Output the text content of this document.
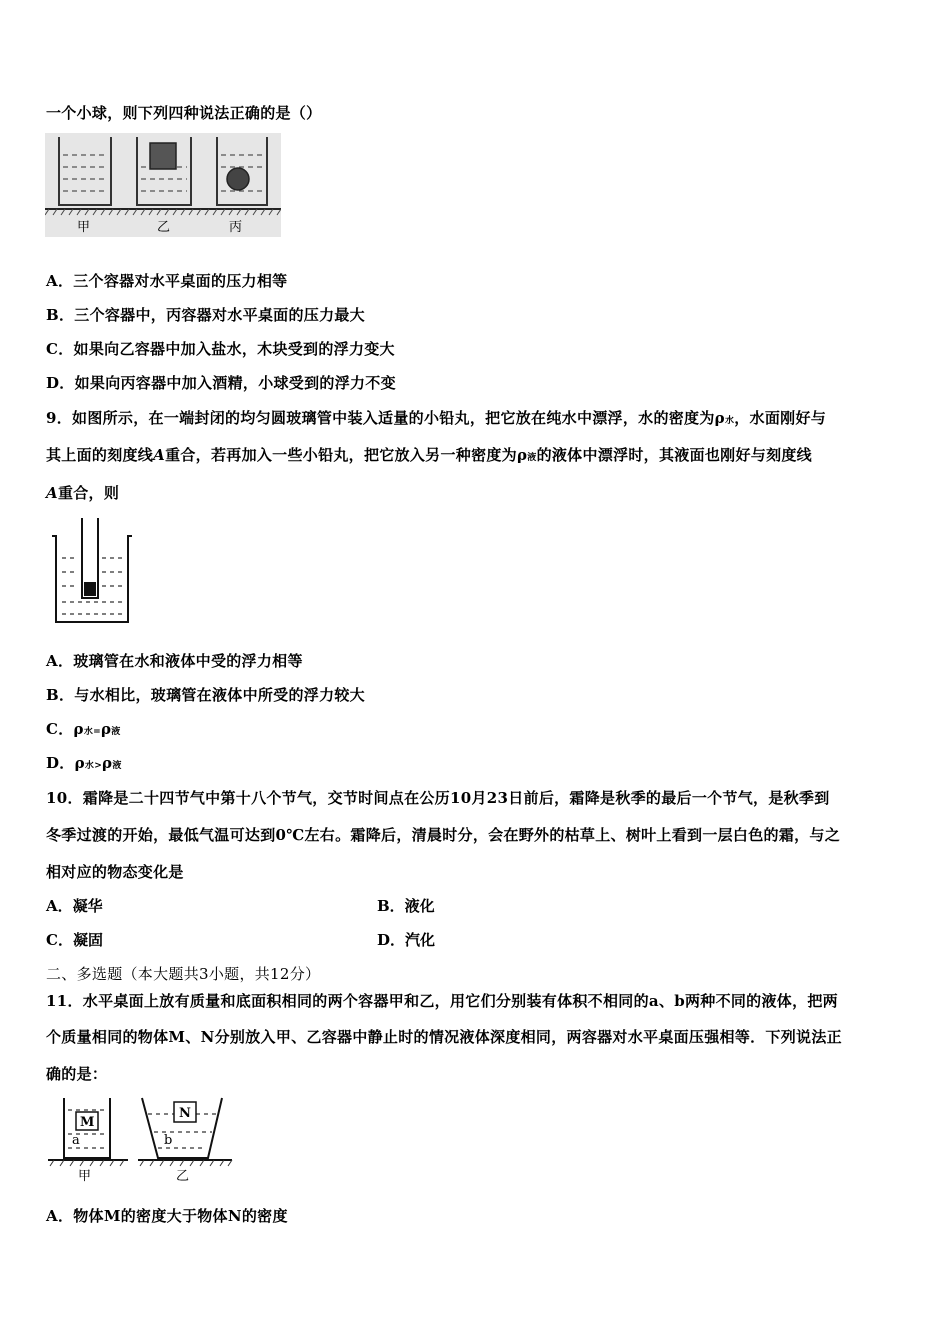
一个小球，则下列四种说法正确的是（）
甲	乙	丙
A．三个容器对水平桌面的压力相等
B．三个容器中，丙容器对水平桌面的压力最大
C．如果向乙容器中加入盐水，木块受到的浮力变大
D．如果向丙容器中加入酒精，小球受到的浮力不变
9．如图所示，在一端封闭的均匀圆玻璃管中装入适量的小铅丸，把它放在纯水中漂浮，水的密度为ρ水，水面刚好与
其上面的刻度线A重合，若再加入一些小铅丸，把它放入另一种密度为ρ液的液体中漂浮时，其液面也刚好与刻度线
A重合，则
A．玻璃管在水和液体中受的浮力相等
B．与水相比，玻璃管在液体中所受的浮力较大
C．ρ水=ρ液
D．ρ水>ρ液
10．霜降是二十四节气中第十八个节气，交节时间点在公历10月23日前后，霜降是秋季的最后一个节气，是秋季到
冬季过渡的开始，最低气温可达到0℃左右。霜降后，清晨时分，会在野外的枯草上、树叶上看到一层白色的霜，与之
相对应的物态变化是
A．凝华	B．液化
C．凝固	D．汽化
二、多选题（本大题共3小题，共12分）
11．水平桌面上放有质量和底面积相同的两个容器甲和乙，用它们分别装有体积不相同的a、b两种不同的液体，把两
个质量相同的物体M、N分别放入甲、乙容器中静止时的情况液体深度相同，两容器对水平桌面压强相等．下列说法正
确的是：
M
a
N
b
甲	乙
A．物体M的密度大于物体N的密度
